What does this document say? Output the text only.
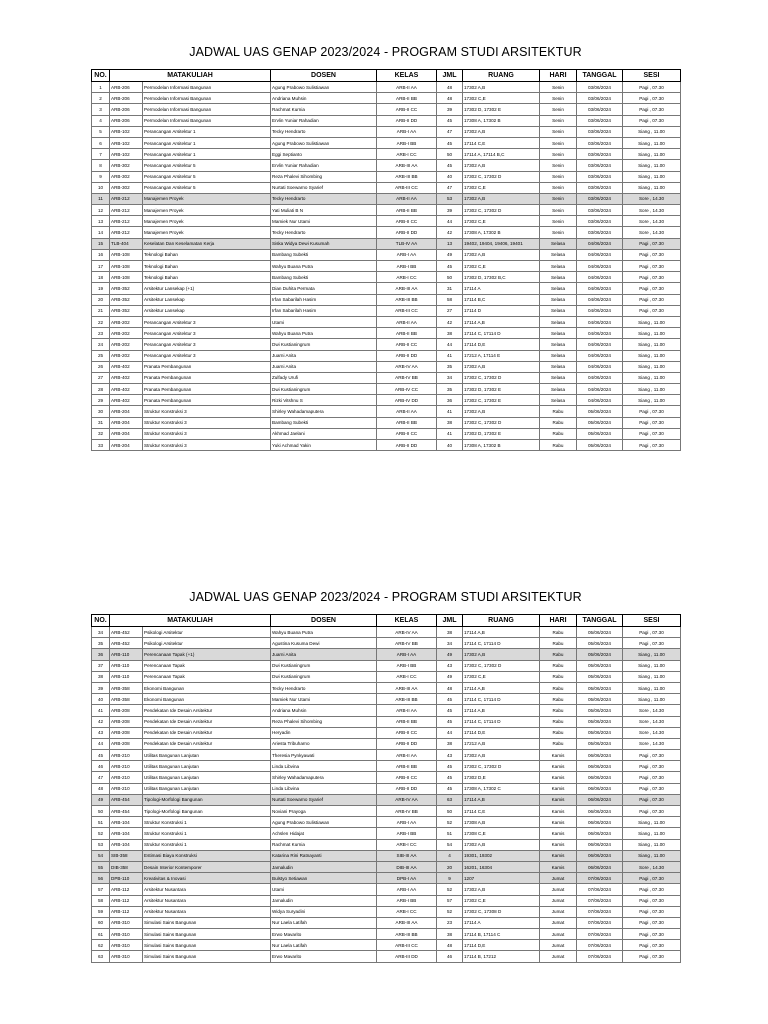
JADWAL UAS GENAP 2023/2024 - PROGRAM STUDI ARSITEKTUR
NO.	MATAKULIAH		DOSEN	KELAS	JML	RUANG	HARI	TANGGAL	SESI
1	ARB-206	Permodelan Informasi Bangunan	Agung Prabowo Sulistiawan	ARB-II AA	48	17302 A,B	Senin	03/06/2024	Pagi , 07.30
2	ARB-206	Permodelan Informasi Bangunan	Andriana Muhsin	ARB-II BB	48	17302 C,E	Senin	03/06/2024	Pagi , 07.30
3	ARB-206	Permodelan Informasi Bangunan	Rachmat Kurnia	ARB-II CC	39	17302 D, 17302 E	Senin	03/06/2024	Pagi , 07.30
4	ARB-206	Permodelan Informasi Bangunan	Ervlin Yuniar Rahadian	ARB-II DD	45	17308 A, 17302 B	Senin	03/06/2024	Pagi , 07.30
5	ARB-102	Perancangan Arsitektur 1	Tecky Hendrarto	ARB-I AA	47	17302 A,B	Senin	03/06/2024	Siang , 11.00
6	ARB-102	Perancangan Arsitektur 1	Agung Prabowo Sulistiawan	ARB-I BB	45	17114 C,E	Senin	03/06/2024	Siang , 11.00
7	ARB-102	Perancangan Arsitektur 1	Eggi Septianto	ARB-I CC	50	17114 A, 17114 B,C	Senin	03/06/2024	Siang , 11.00
8	ARB-302	Perancangan Arsitektur 5	Ervlin Yuniar Rahadian	ARB-III AA	45	17302 A,B	Senin	03/06/2024	Siang , 11.00
9	ARB-302	Perancangan Arsitektur 5	Reza Phalevi Sihombing	ARB-III BB	40	17302 C, 17302 D	Senin	03/06/2024	Siang , 11.00
10	ARB-302	Perancangan Arsitektur 5	Nurtati Soewarno Syarief	ARB-III CC	47	17302 C,E	Senin	03/06/2024	Siang , 11.00
11	ARB-212	Manajemen Proyek	Tecky Hendrarto	ARB-II AA	53	17302 A,B	Senin	03/06/2024	Sore , 14.30
12	ARB-212	Manajemen Proyek	Yati Muliati B N	ARB-II BB	39	17302 C, 17302 D	Senin	03/06/2024	Sore , 14.30
13	ARB-212	Manajemen Proyek	Mamiek Nur Utami	ARB-II CC	44	17302 C,E	Senin	03/06/2024	Sore , 14.30
14	ARB-212	Manajemen Proyek	Tecky Hendrarto	ARB-II DD	42	17308 A, 17302 B	Senin	03/06/2024	Sore , 14.30
15	TLB-404	Keselatan Dan Keselamatan Kerja	Siska Widya Dewi Kusumah	TLB-IV AA	13	19402, 19404, 19406, 19401	Selasa	04/06/2024	Pagi , 07.30
16	ARB-108	Teknologi Bahan	Bambang Subekti	ARB-I AA	49	17302 A,B	Selasa	04/06/2024	Pagi , 07.30
17	ARB-108	Teknologi Bahan	Wahyu Buana Putra	ARB-I BB	45	17302 C,E	Selasa	04/06/2024	Pagi , 07.30
18	ARB-108	Teknologi Bahan	Bambang Subekti	ARB-I CC	50	17302 D, 17302 B,C	Selasa	04/06/2024	Pagi , 07.30
19	ARB-352	Arsitektur Lansekap (+1)	Dian Duhita Permata	ARB-III AA	31	17114 A	Selasa	04/06/2024	Pagi , 07.30
20	ARB-352	Arsitektur Lansekap	Irfan Sabarilah Hasim	ARB-III BB	58	17114 B,C	Selasa	04/06/2024	Pagi , 07.30
21	ARB-352	Arsitektur Lansekap	Irfan Sabarilah Hasim	ARB-III CC	27	17114 D	Selasa	04/06/2024	Pagi , 07.30
22	ARB-202	Perancangan Arsitektur 3	Utami	ARB-II AA	42	17114 A,B	Selasa	04/06/2024	Siang , 11.00
23	ARB-202	Perancangan Arsitektur 3	Wahyu Buana Putra	ARB-II BB	38	17114 C, 17114 D	Selasa	04/06/2024	Siang , 11.00
24	ARB-202	Perancangan Arsitektur 3	Dwi Kustianingrum	ARB-II CC	44	17114 D,E	Selasa	04/06/2024	Siang , 11.00
25	ARB-202	Perancangan Arsitektur 3	Juarni Anita	ARB-II DD	41	17212 A, 17114 E	Selasa	04/06/2024	Siang , 11.00
26	ARB-402	Pranata Pembangunan	Juarni Anita	ARB-IV AA	35	17302 A,B	Selasa	04/06/2024	Siang , 11.00
27	ARB-402	Pranata Pembangunan	Zulfady Urufi	ARB-IV BB	34	17302 C, 17302 D	Selasa	04/06/2024	Siang , 11.00
28	ARB-402	Pranata Pembangunan	Dwi Kustianingrum	ARB-IV CC	35	17302 D, 17302 E	Selasa	04/06/2024	Siang , 11.00
29	ARB-402	Pranata Pembangunan	Rizki Vitshnu S	ARB-IV DD	36	17302 C, 17302 E	Selasa	04/06/2024	Siang , 11.00
30	ARB-204	Struktur Konstruksi 3	Shirley Wahadamaputera	ARB-II AA	41	17302 A,B	Rabu	05/06/2024	Pagi , 07.30
31	ARB-204	Struktur Konstruksi 3	Bambang Subekti	ARB-II BB	38	17302 C, 17302 D	Rabu	05/06/2024	Pagi , 07.30
32	ARB-204	Struktur Konstruksi 3	Akhmad Jaelani	ARB-II CC	41	17302 D, 17302 E	Rabu	05/06/2024	Pagi , 07.30
33	ARB-204	Struktur Konstruksi 3	Yuki Achmad Yakin	ARB-II DD	40	17308 A, 17302 B	Rabu	05/06/2024	Pagi , 07.30
JADWAL UAS GENAP 2023/2024 - PROGRAM STUDI ARSITEKTUR
NO.	MATAKULIAH		DOSEN	KELAS	JML	RUANG	HARI	TANGGAL	SESI
34	ARB-452	Psikologi Arsitektur	Wahyu Buana Putra	ARB-IV AA	38	17114 A,B	Rabu	05/06/2024	Pagi , 07.30
35	ARB-452	Psikologi Arsitektur	Agustina Kusuma Dewi	ARB-IV BB	34	17114 C, 17114 D	Rabu	05/06/2024	Pagi , 07.30
36	ARB-110	Perencanaan Tapak (+1)	Juarni Anita	ARB-I AA	49	17302 A,B	Rabu	05/06/2024	Siang , 11.00
37	ARB-110	Perencanaan Tapak	Dwi Kustianingrum	ARB-I BB	43	17302 C, 17302 D	Rabu	05/06/2024	Siang , 11.00
38	ARB-110	Perencanaan Tapak	Dwi Kustianingrum	ARB-I CC	49	17302 C,E	Rabu	05/06/2024	Siang , 11.00
39	ARB-358	Ekonomi Bangunan	Tecky Hendrarto	ARB-III AA	48	17114 A,B	Rabu	05/06/2024	Siang , 11.00
40	ARB-358	Ekonomi Bangunan	Mamiek Nur Utami	ARB-III BB	45	17114 C, 17114 D	Rabu	05/06/2024	Siang , 11.00
41	ARB-208	Pendekatan Ide Desain Arsitektur	Andriana Muhsin	ARB-II AA	45	17114 A,B	Rabu	05/06/2024	Sore , 14.30
42	ARB-208	Pendekatan Ide Desain Arsitektur	Reza Phalevi Sihombing	ARB-II BB	45	17114 C, 17114 D	Rabu	05/06/2024	Sore , 14.30
43	ARB-208	Pendekatan Ide Desain Arsitektur	Heryadin	ARB-II CC	44	17114 D,E	Rabu	05/06/2024	Sore , 14.30
44	ARB-208	Pendekatan Ide Desain Arsitektur	Ariesta Tribuharno	ARB-II DD	38	17212 A,B	Rabu	05/06/2024	Sore , 14.30
45	ARB-210	Utilitas Bangunan Lanjutan	Theresia Pynkyawati	ARB-II AA	43	17302 A,B	Kamis	06/06/2024	Pagi , 07.30
46	ARB-210	Utilitas Bangunan Lanjutan	Linda Libvina	ARB-II BB	45	17302 C, 17302 D	Kamis	06/06/2024	Pagi , 07.30
47	ARB-210	Utilitas Bangunan Lanjutan	Shirley Wahadamaputera	ARB-II CC	45	17302 D,E	Kamis	06/06/2024	Pagi , 07.30
48	ARB-210	Utilitas Bangunan Lanjutan	Linda Libvina	ARB-II DD	45	17308 A, 17302 C	Kamis	06/06/2024	Pagi , 07.30
49	ARB-454	Tipologi-Morfologi Bangunan	Nurtati Soewarno Syarief	ARB-IV AA	63	17114 A,B	Kamis	06/06/2024	Pagi , 07.30
50	ARB-454	Tipologi-Morfologi Bangunan	Noviani Prayoga	ARB-IV BB	50	17114 C,E	Kamis	06/06/2024	Pagi , 07.30
51	ARB-104	Struktur Konstruksi 1	Agung Prabowo Sulistiawan	ARB-I AA	52	17308 A,B	Kamis	06/06/2024	Siang , 11.00
52	ARB-104	Struktur Konstruksi 1	Achslen Hidajat	ARB-I BB	51	17308 C,E	Kamis	06/06/2024	Siang , 11.00
53	ARB-104	Struktur Konstruksi 1	Rachmat Kurnia	ARB-I CC	54	17302 A,B	Kamis	06/06/2024	Siang , 11.00
54	SIB-358	Estimasi Biaya Konstruksi	Katarina Rini Ratnayanti	SIB-III AA	4	19301, 19302	Kamis	06/06/2024	Siang , 11.00
55	DIB-358	Desain Interior Kontemporer	Jamaludin	DIB-III AA	20	16201, 16304	Kamis	06/06/2024	Sore , 14.30
56	DPB-110	Kreativitas & Inovasi	Bulstyo Setiawan	DPB-I AA	9	1207	Jumat	07/06/2024	Pagi , 07.30
57	ARB-112	Arsitektur Nusantara	Utami	ARB-I AA	52	17302 A,B	Jumat	07/06/2024	Pagi , 07.30
58	ARB-112	Arsitektur Nusantara	Jamaludin	ARB-I BB	57	17302 C,E	Jumat	07/06/2024	Pagi , 07.30
59	ARB-112	Arsitektur Nusantara	Widya Suryadini	ARB-I CC	52	17302 C, 17308 D	Jumat	07/06/2024	Pagi , 07.30
60	ARB-310	Simulasi Sains Bangunan	Nur Laela Latifah	ARB-III AA	23	17114 A	Jumat	07/06/2024	Pagi , 07.30
61	ARB-310	Simulasi Sains Bangunan	Erwo Mavarito	ARB-III BB	38	17114 B, 17114 C	Jumat	07/06/2024	Pagi , 07.30
62	ARB-310	Simulasi Sains Bangunan	Nur Laela Latifah	ARB-III CC	48	17114 D,E	Jumat	07/06/2024	Pagi , 07.30
63	ARB-310	Simulasi Sains Bangunan	Erwo Mavarito	ARB-III DD	46	17114 B, 17212	Jumat	07/06/2024	Pagi , 07.30
